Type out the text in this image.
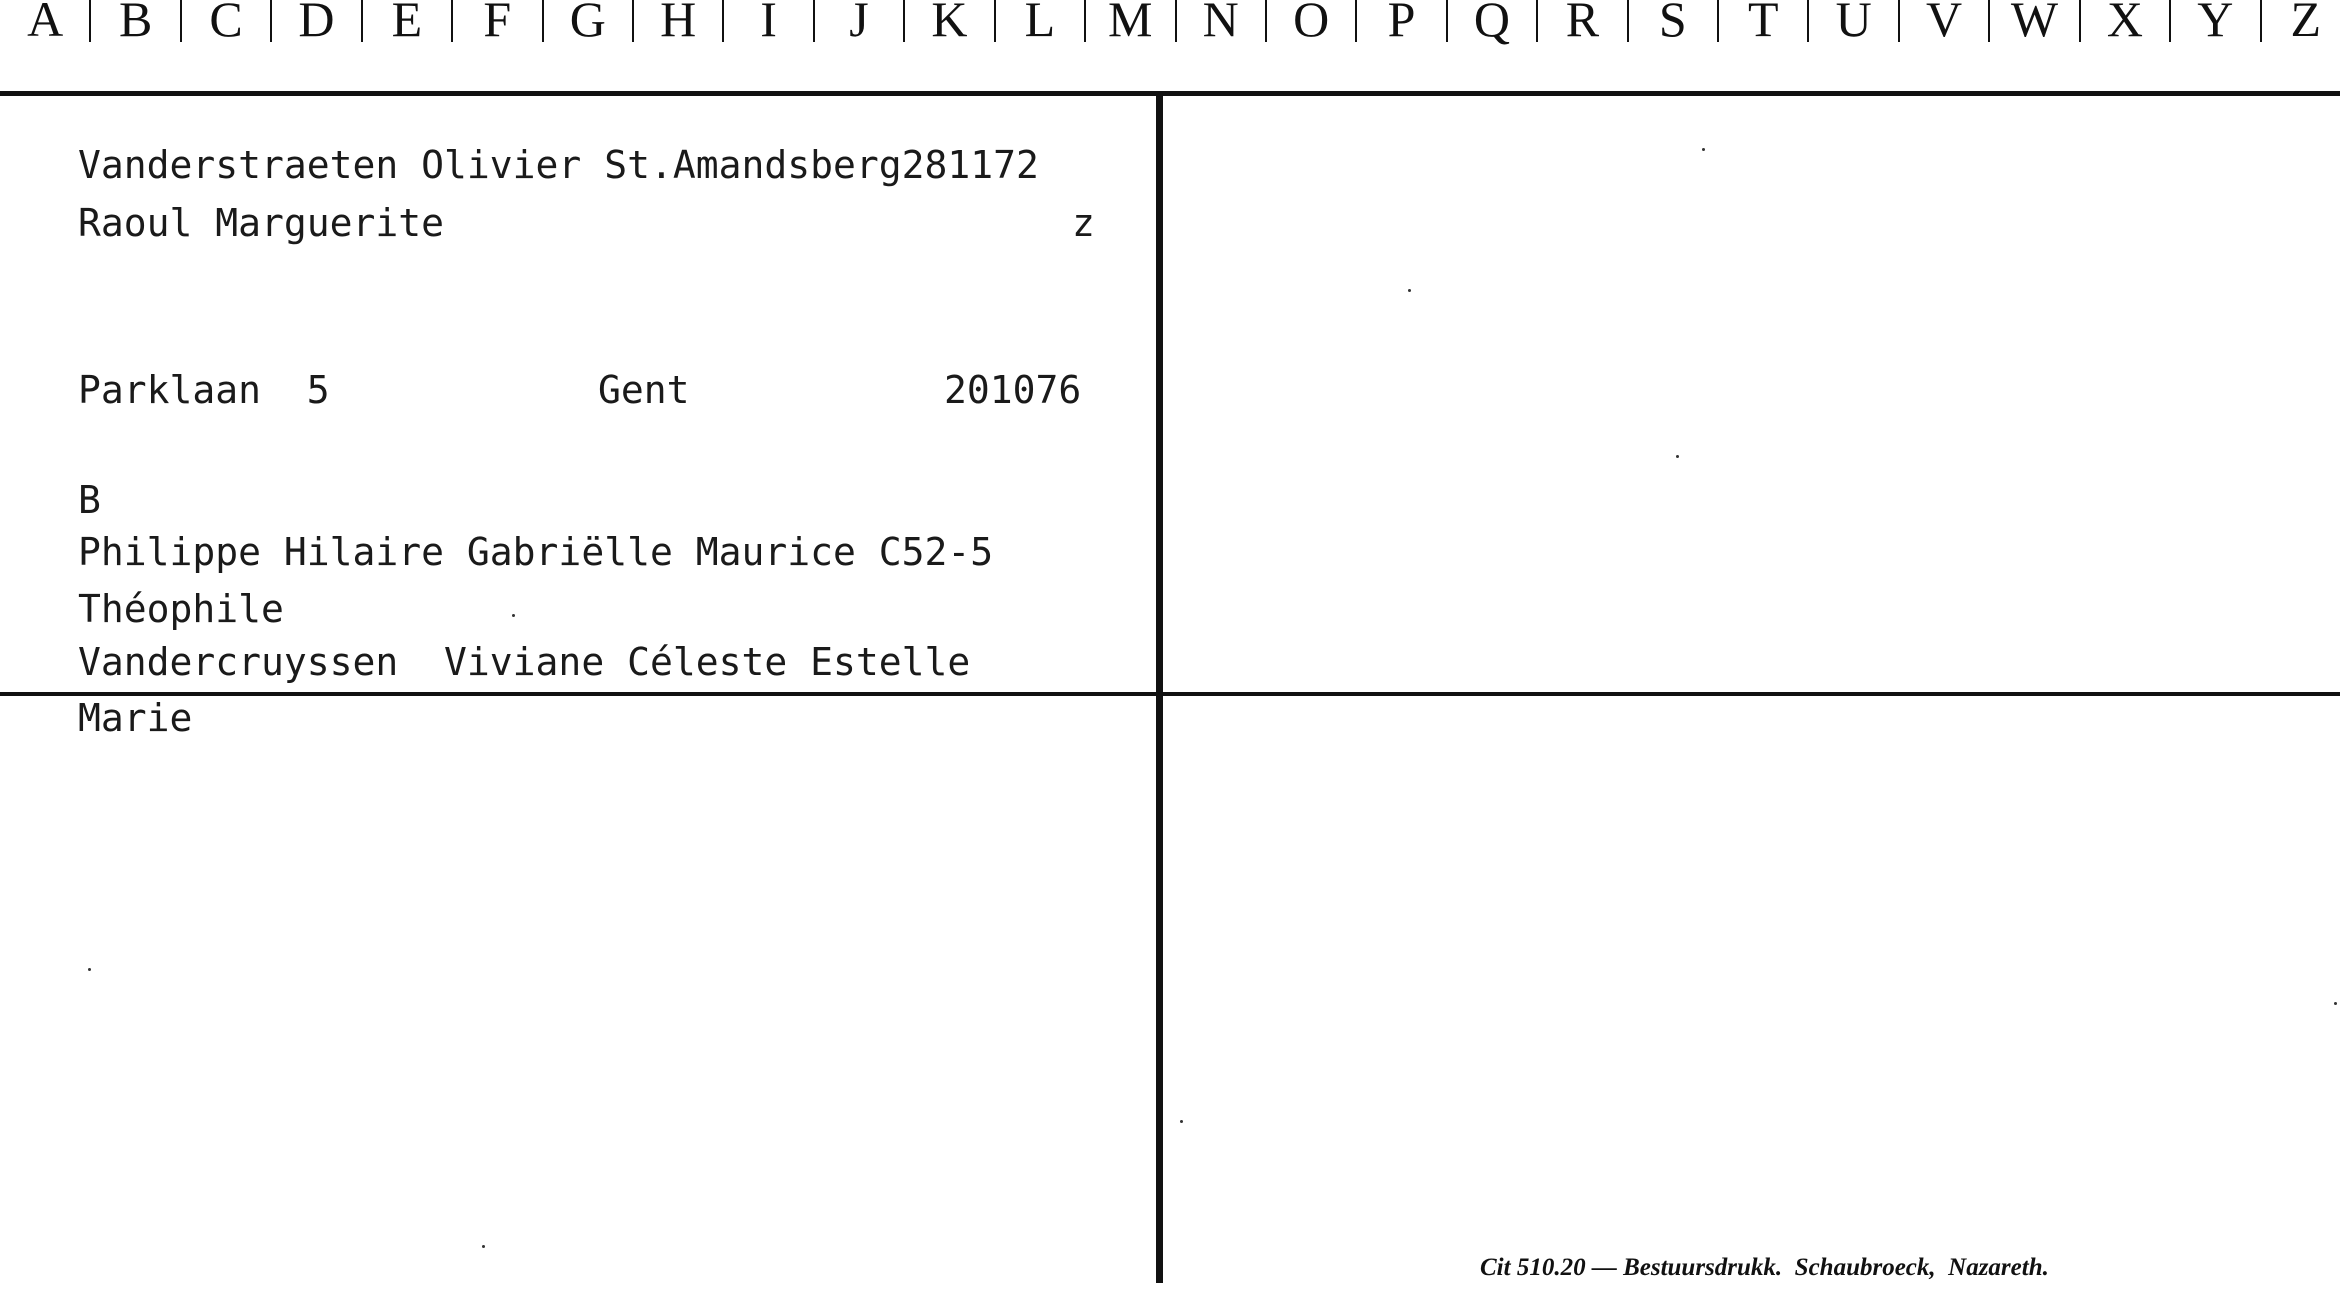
A	B	C	D	E	F	G	H	I	J	K	L	M	N	O	P	Q	R	S	T	U	V W X	Y	Z
Vanderstraeten Olivier St.Amandsberg281172
Raoul Marguerite	z
Parklaan  5	Gent	201076
B
Philippe Hilaire Gabriëlle Maurice C52-5
Théophile
Vandercruyssen  Viviane Céleste Estelle
Marie
Cit 510.20 — Bestuursdrukk.  Schaubroeck,  Nazareth.
